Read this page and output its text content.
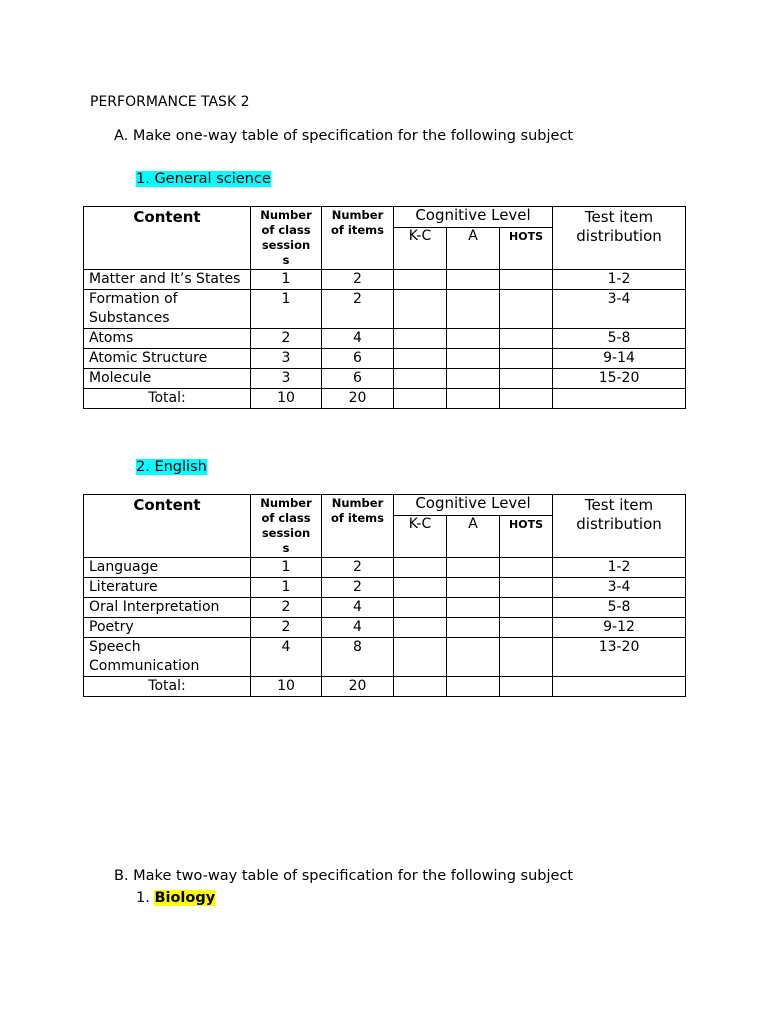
PERFORMANCE TASK 2
A. Make one-way table of specification for the following subject
1. General science
Content	Number
of class
session
s	Number
of items	Cognitive Level			Test item
distribution
			K-C	A	HOTS	
Matter and It’s States	1	2				1-2
Formation of Substances	1	2				3-4
Atoms	2	4				5-8
Atomic Structure	3	6				9-14
Molecule	3	6				15-20
Total:	10	20				
2. English
Content	Number
of class
session
s	Number
of items	Cognitive Level			Test item
distribution
			K-C	A	HOTS	
Language	1	2				1-2
Literature	1	2				3-4
Oral Interpretation	2	4				5-8
Poetry	2	4				9-12
Speech Communication	4	8				13-20
Total:	10	20				
B. Make two-way table of specification for the following subject
1. Biology
